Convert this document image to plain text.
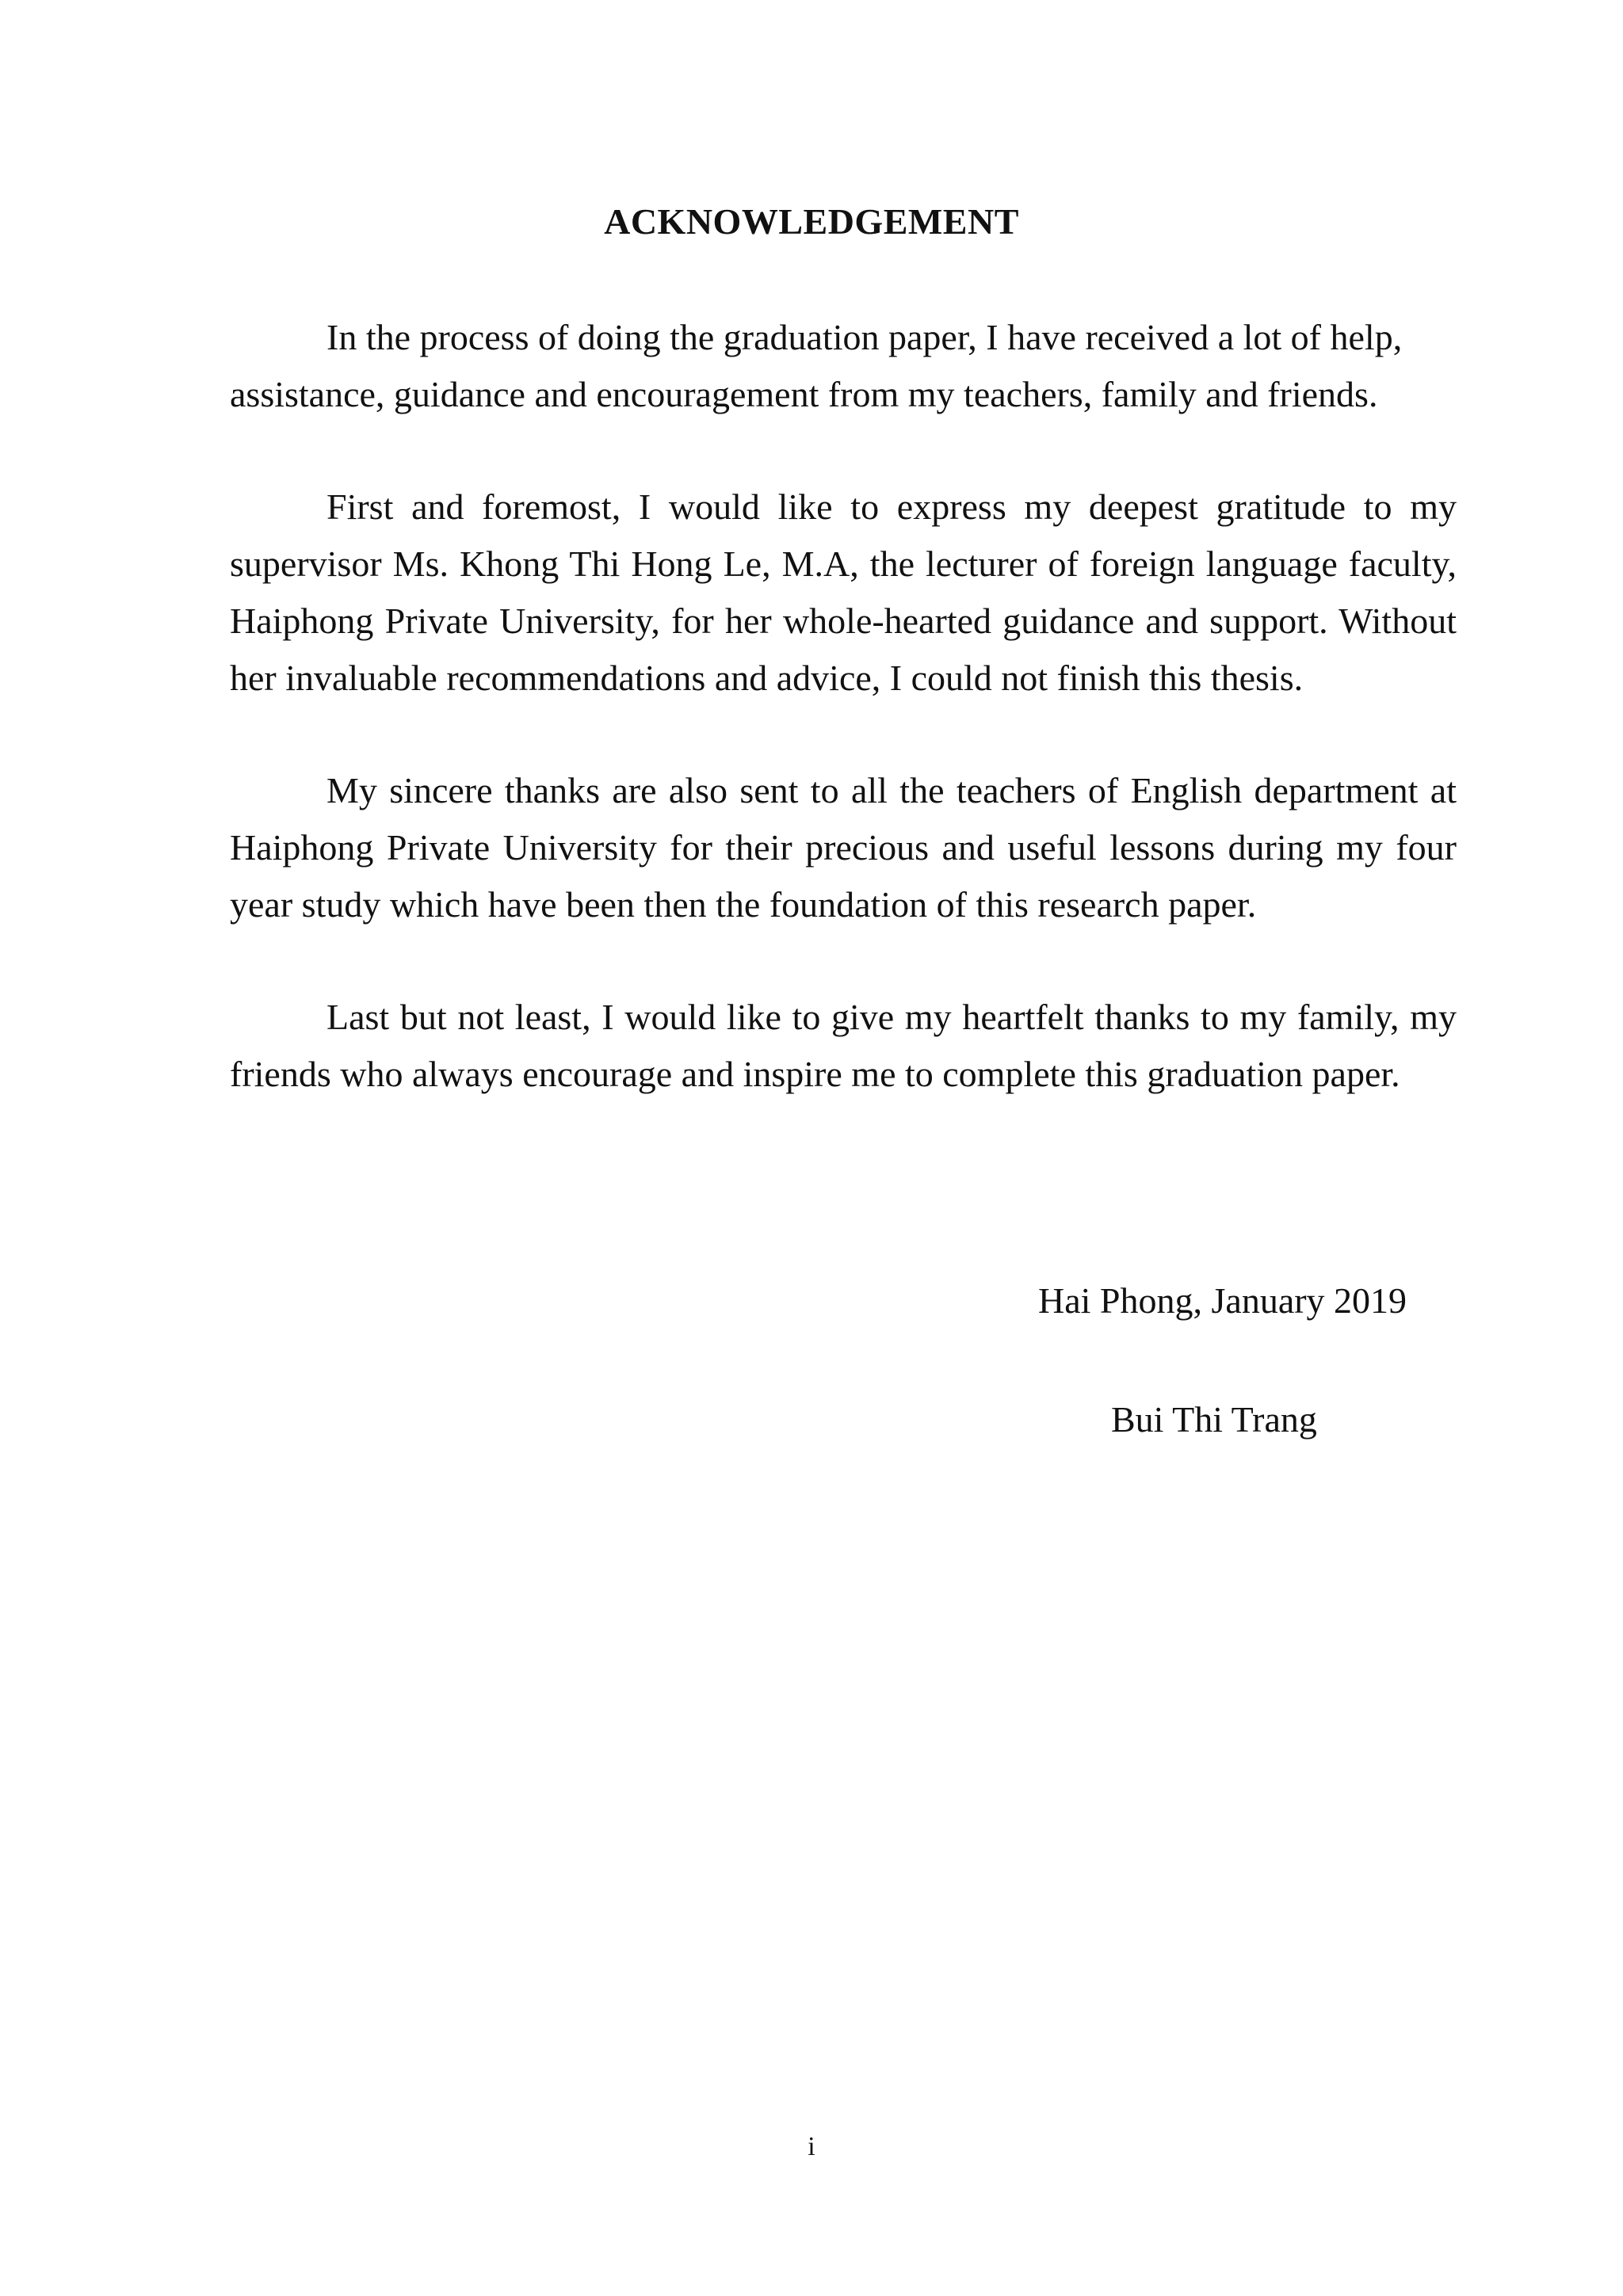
ACKNOWLEDGEMENT

In the process of doing the graduation paper, I have received a lot of help, assistance, guidance and encouragement from my teachers, family and friends.

First and foremost, I would like to express my deepest gratitude to my supervisor Ms. Khong Thi Hong Le, M.A, the lecturer of foreign language faculty, Haiphong Private University, for her whole-hearted guidance and support. Without her invaluable recommendations and advice, I could not finish this thesis.

My sincere thanks are also sent to all the teachers of English department at Haiphong Private University for their precious and useful lessons during my four year study which have been then the foundation of this research paper.

Last but not least, I would like to give my heartfelt thanks to my family, my friends who always encourage and inspire me to complete this graduation paper.

Hai Phong, January 2019
Bui Thi Trang
i
